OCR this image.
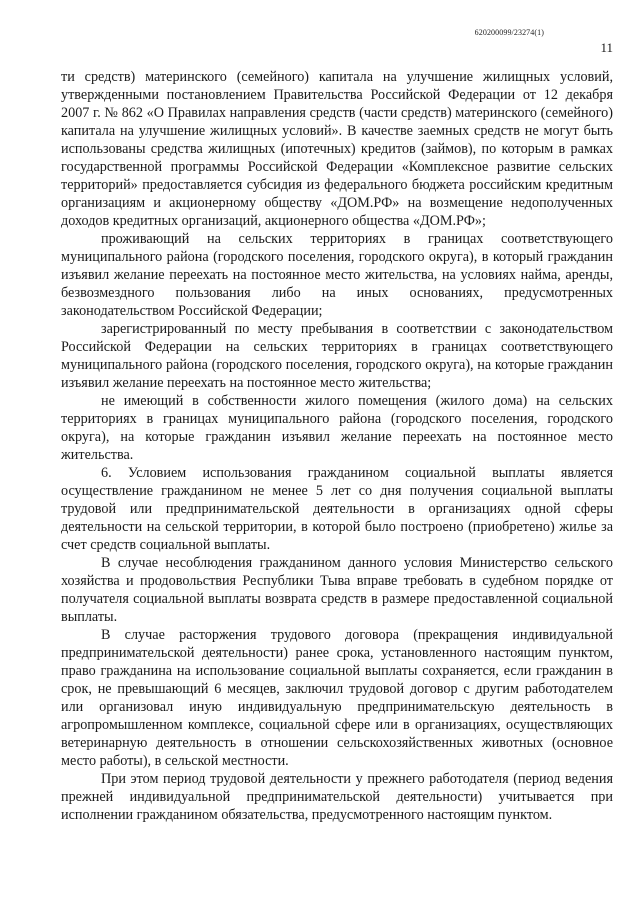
620200099/23274(1)
11

ти средств) материнского (семейного) капитала на улучшение жилищных условий, утвержденными постановлением Правительства Российской Федерации от 12 декабря 2007 г. № 862 «О Правилах направления средств (части средств) материнского (семейного) капитала на улучшение жилищных условий». В качестве заемных средств не могут быть использованы средства жилищных (ипотечных) кредитов (займов), по которым в рамках государственной программы Российской Федерации «Комплексное развитие сельских территорий» предоставляется субсидия из федерального бюджета российским кредитным организациям и акционерному обществу «ДОМ.РФ» на возмещение недополученных доходов кредитных организаций, акционерного общества «ДОМ.РФ»;

проживающий на сельских территориях в границах соответствующего муниципального района (городского поселения, городского округа), в который гражданин изъявил желание переехать на постоянное место жительства, на условиях найма, аренды, безвозмездного пользования либо на иных основаниях, предусмотренных законодательством Российской Федерации;

зарегистрированный по месту пребывания в соответствии с законодательством Российской Федерации на сельских территориях в границах соответствующего муниципального района (городского поселения, городского округа), на которые гражданин изъявил желание переехать на постоянное место жительства;

не имеющий в собственности жилого помещения (жилого дома) на сельских территориях в границах муниципального района (городского поселения, городского округа), на которые гражданин изъявил желание переехать на постоянное место жительства.

6. Условием использования гражданином социальной выплаты является осуществление гражданином не менее 5 лет со дня получения социальной выплаты трудовой или предпринимательской деятельности в организациях одной сферы деятельности на сельской территории, в которой было построено (приобретено) жилье за счет средств социальной выплаты.

В случае несоблюдения гражданином данного условия Министерство сельского хозяйства и продовольствия Республики Тыва вправе требовать в судебном порядке от получателя социальной выплаты возврата средств в размере предоставленной социальной выплаты.

В случае расторжения трудового договора (прекращения индивидуальной предпринимательской деятельности) ранее срока, установленного настоящим пунктом, право гражданина на использование социальной выплаты сохраняется, если гражданин в срок, не превышающий 6 месяцев, заключил трудовой договор с другим работодателем или организовал иную индивидуальную предпринимательскую деятельность в агропромышленном комплексе, социальной сфере или в организациях, осуществляющих ветеринарную деятельность в отношении сельскохозяйственных животных (основное место работы), в сельской местности.

При этом период трудовой деятельности у прежнего работодателя (период ведения прежней индивидуальной предпринимательской деятельности) учитывается при исполнении гражданином обязательства, предусмотренного настоящим пунктом.
